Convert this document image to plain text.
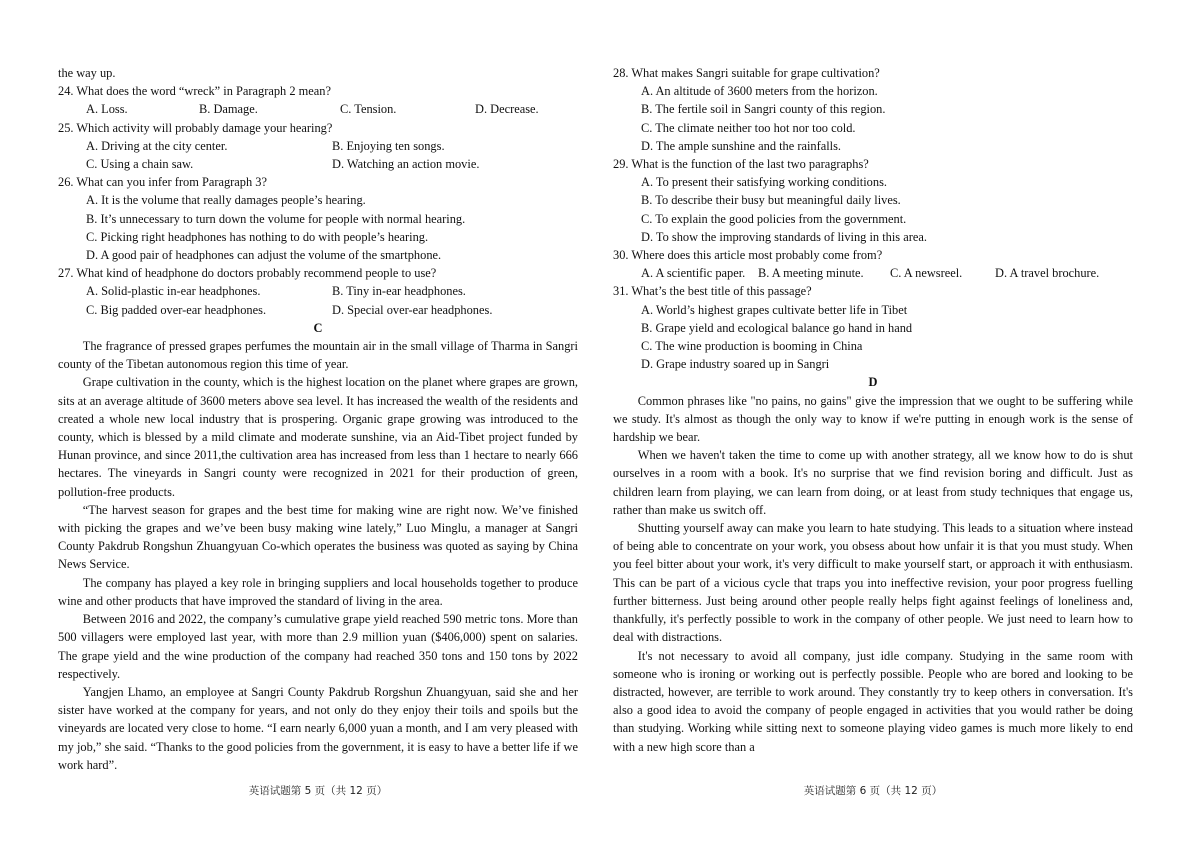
the way up.
24. What does the word “wreck” in Paragraph 2 mean?
A. Loss.	B. Damage.	C. Tension.	D. Decrease.
25. Which activity will probably damage your hearing?
A. Driving at the city center.	B. Enjoying ten songs.
C. Using a chain saw.	D. Watching an action movie.
26. What can you infer from Paragraph 3?
A. It is the volume that really damages people’s hearing.
B. It’s unnecessary to turn down the volume for people with normal hearing.
C. Picking right headphones has nothing to do with people’s hearing.
D. A good pair of headphones can adjust the volume of the smartphone.
27. What kind of headphone do doctors probably recommend people to use?
A. Solid-plastic in-ear headphones.	B. Tiny in-ear headphones.
C. Big padded over-ear headphones.	D. Special over-ear headphones.
C

The fragrance of pressed grapes perfumes the mountain air in the small village of Tharma in Sangri county of the Tibetan autonomous region this time of year.

Grape cultivation in the county, which is the highest location on the planet where grapes are grown, sits at an average altitude of 3600 meters above sea level. It has increased the wealth of the residents and created a whole new local industry that is prospering. Organic grape growing was introduced to the county, which is blessed by a mild climate and moderate sunshine, via an Aid-Tibet project funded by Hunan province, and since 2011,the cultivation area has increased from less than 1 hectare to nearly 666 hectares. The vineyards in Sangri county were recognized in 2021 for their production of green, pollution-free products.

“The harvest season for grapes and the best time for making wine are right now. We’ve finished with picking the grapes and we’ve been busy making wine lately,” Luo Minglu, a manager at Sangri County Pakdrub Rongshun Zhuangyuan Co-which operates the business was quoted as saying by China News Service.

The company has played a key role in bringing suppliers and local households together to produce wine and other products that have improved the standard of living in the area.

Between 2016 and 2022, the company’s cumulative grape yield reached 590 metric tons. More than 500 villagers were employed last year, with more than 2.9 million yuan ($406,000) spent on salaries. The grape yield and the wine production of the company had reached 350 tons and 150 tons by 2022 respectively.

Yangjen Lhamo, an employee at Sangri County Pakdrub Rorgshun Zhuangyuan, said she and her sister have worked at the company for years, and not only do they enjoy their toils and spoils but the vineyards are located very close to home. “I earn nearly 6,000 yuan a month, and I am very pleased with my job,” she said. “Thanks to the good policies from the government, it is easy to have a better life if we work hard”.

英语试题第 5 页（共 12 页）
28. What makes Sangri suitable for grape cultivation?
A. An altitude of 3600 meters from the horizon.
B. The fertile soil in Sangri county of this region.
C. The climate neither too hot nor too cold.
D. The ample sunshine and the rainfalls.
29. What is the function of the last two paragraphs?
A. To present their satisfying working conditions.
B. To describe their busy but meaningful daily lives.
C. To explain the good policies from the government.
D. To show the improving standards of living in this area.
30. Where does this article most probably come from?
A. A scientific paper.	B. A meeting minute.	C. A newsreel.	D. A travel brochure.
31. What’s the best title of this passage?
A. World’s highest grapes cultivate better life in Tibet
B. Grape yield and ecological balance go hand in hand
C. The wine production is booming in China
D. Grape industry soared up in Sangri
D

Common phrases like "no pains, no gains" give the impression that we ought to be suffering while we study. It's almost as though the only way to know if we're putting in enough work is the sense of hardship we bear.

When we haven't taken the time to come up with another strategy, all we know how to do is shut ourselves in a room with a book. It's no surprise that we find revision boring and difficult. Just as children learn from playing, we can learn from doing, or at least from study techniques that engage us, rather than make us switch off.

Shutting yourself away can make you learn to hate studying. This leads to a situation where instead of being able to concentrate on your work, you obsess about how unfair it is that you must study. When you feel bitter about your work, it's very difficult to make yourself start, or approach it with enthusiasm. This can be part of a vicious cycle that traps you into ineffective revision, your poor progress fuelling further bitterness. Just being around other people really helps fight against feelings of loneliness and, thankfully, it's perfectly possible to work in the company of other people. We just need to learn how to deal with distractions.

It's not necessary to avoid all company, just idle company. Studying in the same room with someone who is ironing or working out is perfectly possible. People who are bored and looking to be distracted, however, are terrible to work around. They constantly try to keep others in conversation. It's also a good idea to avoid the company of people engaged in activities that you would rather be doing than studying. Working while sitting next to someone playing video games is much more likely to end with a new high score than a

英语试题第 6 页（共 12 页）
